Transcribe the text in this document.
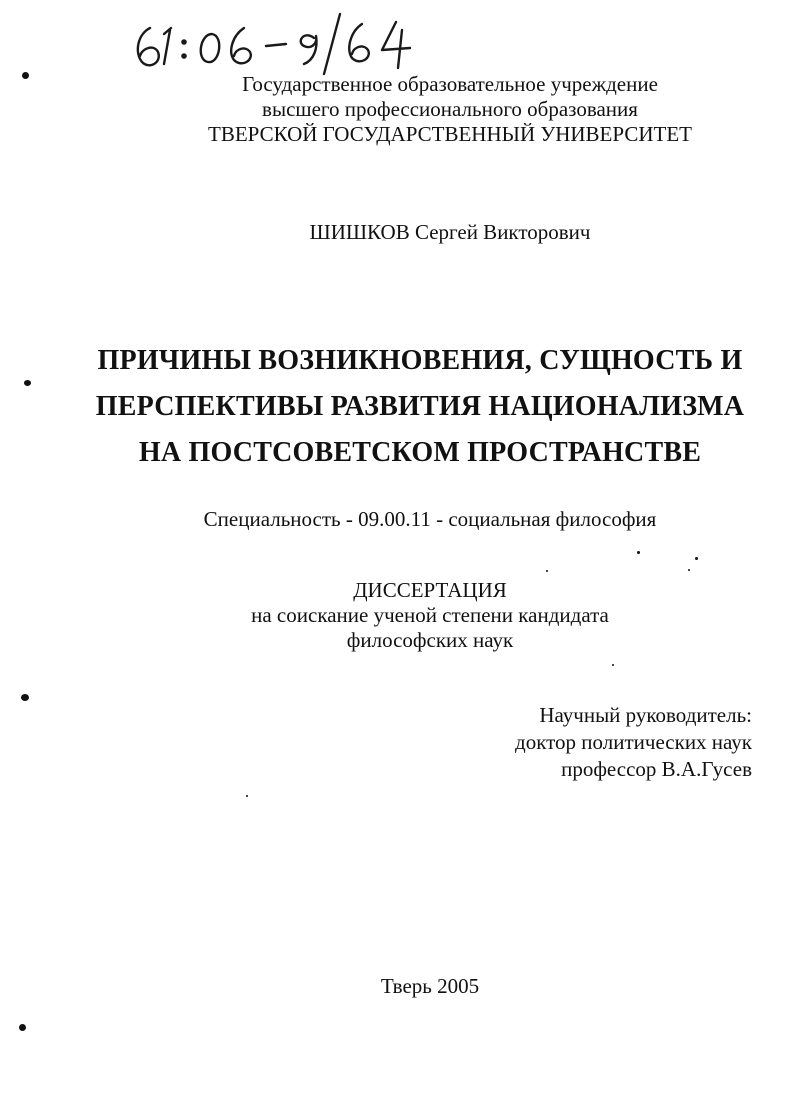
Государственное образовательное учреждение
высшего профессионального образования
ТВЕРСКОЙ ГОСУДАРСТВЕННЫЙ УНИВЕРСИТЕТ
ШИШКОВ Сергей Викторович
ПРИЧИНЫ ВОЗНИКНОВЕНИЯ, СУЩНОСТЬ И
ПЕРСПЕКТИВЫ РАЗВИТИЯ НАЦИОНАЛИЗМА
НА ПОСТСОВЕТСКОМ ПРОСТРАНСТВЕ
Специальность - 09.00.11 - социальная философия
ДИССЕРТАЦИЯ
на соискание ученой степени кандидата
философских наук
Научный руководитель:
доктор политических наук
профессор В.А.Гусев
Тверь 2005
